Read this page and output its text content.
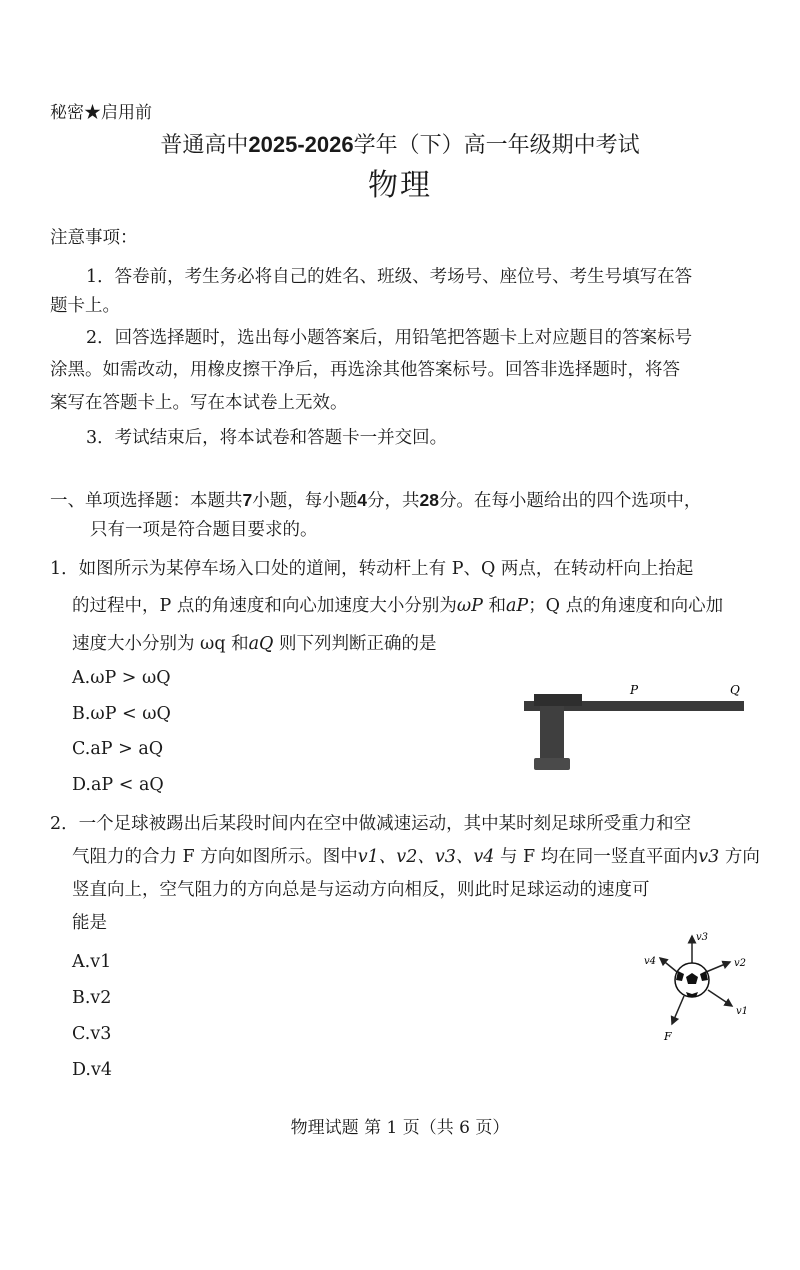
秘密★启用前
普通高中2025-2026学年（下）高一年级期中考试
物理
注意事项：
1．答卷前，考生务必将自己的姓名、班级、考场号、座位号、考生号填写在答
题卡上。
2．回答选择题时，选出每小题答案后，用铅笔把答题卡上对应题目的答案标号
涂黑。如需改动，用橡皮擦干净后，再选涂其他答案标号。回答非选择题时，将答
案写在答题卡上。写在本试卷上无效。
3．考试结束后，将本试卷和答题卡一并交回。
一、单项选择题：本题共7小题，每小题4分，共28分。在每小题给出的四个选项中，
只有一项是符合题目要求的。
1．如图所示为某停车场入口处的道闸，转动杆上有 P、Q 两点，在转动杆向上抬起
的过程中，P 点的角速度和向心加速度大小分别为ωP 和aP；Q 点的角速度和向心加
速度大小分别为 ωq 和aQ 则下列判断正确的是
A.ωP > ωQ
B.ωP < ωQ
C.aP > aQ
D.aP < aQ
P	Q
2．一个足球被踢出后某段时间内在空中做减速运动，其中某时刻足球所受重力和空
气阻力的合力 F 方向如图所示。图中v1、v2、v3、v4 与 F 均在同一竖直平面内v3 方向
竖直向上，空气阻力的方向总是与运动方向相反，则此时足球运动的速度可
能是
A.v1
B.v2
C.v3
D.v4
v3
v2
v1
v4
F
物理试题 第 1 页（共 6 页）
